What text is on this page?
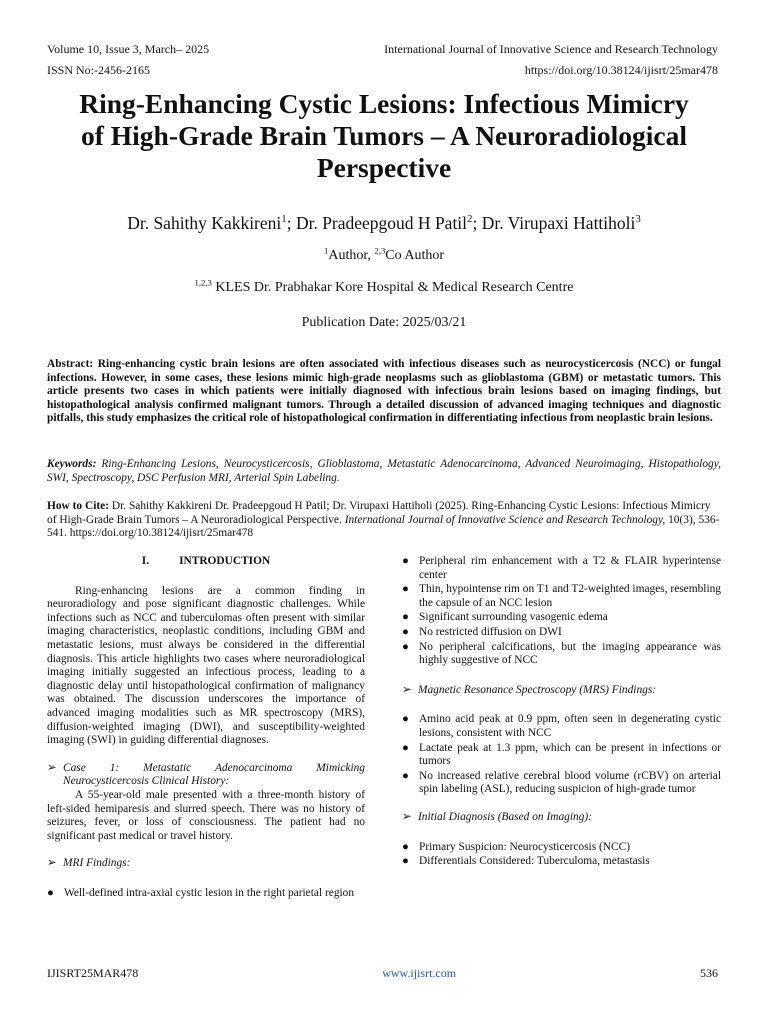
Volume 10, Issue 3, March– 2025	International Journal of Innovative Science and Research Technology
ISSN No:-2456-2165	https://doi.org/10.38124/ijisrt/25mar478
Ring-Enhancing Cystic Lesions: Infectious Mimicry of High-Grade Brain Tumors – A Neuroradiological Perspective
Dr. Sahithy Kakkireni$^1$; Dr. Pradeepgoud H Patil$^2$; Dr. Virupaxi Hattiholi$^3$
$^1$Author, $^{2,3}$Co Author
$^{1,2,3}$ KLES Dr. Prabhakar Kore Hospital & Medical Research Centre
Publication Date: 2025/03/21

Abstract: Ring-enhancing cystic brain lesions are often associated with infectious diseases such as neurocysticercosis (NCC) or fungal infections. However, in some cases, these lesions mimic high-grade neoplasms such as glioblastoma (GBM) or metastatic tumors. This article presents two cases in which patients were initially diagnosed with infectious brain lesions based on imaging findings, but histopathological analysis confirmed malignant tumors. Through a detailed discussion of advanced imaging techniques and diagnostic pitfalls, this study emphasizes the critical role of histopathological confirmation in differentiating infectious from neoplastic brain lesions.

Keywords: Ring-Enhancing Lesions, Neurocysticercosis, Glioblastoma, Metastatic Adenocarcinoma, Advanced Neuroimaging, Histopathology, SWI, Spectroscopy, DSC Perfusion MRI, Arterial Spin Labeling.

How to Cite: Dr. Sahithy Kakkireni Dr. Pradeepgoud H Patil; Dr. Virupaxi Hattiholi (2025). Ring-Enhancing Cystic Lesions: Infectious Mimicry of High-Grade Brain Tumors – A Neuroradiological Perspective. International Journal of Innovative Science and Research Technology, 10(3), 536-541. https://doi.org/10.38124/ijisrt/25mar478

I.	INTRODUCTION

Ring-enhancing lesions are a common finding in neuroradiology and pose significant diagnostic challenges. While infections such as NCC and tuberculomas often present with similar imaging characteristics, neoplastic conditions, including GBM and metastatic lesions, must always be considered in the differential diagnosis. This article highlights two cases where neuroradiological imaging initially suggested an infectious process, leading to a diagnostic delay until histopathological confirmation of malignancy was obtained. The discussion underscores the importance of advanced imaging modalities such as MR spectroscopy (MRS), diffusion-weighted imaging (DWI), and susceptibility-weighted imaging (SWI) in guiding differential diagnoses.

➢ Case 1: Metastatic Adenocarcinoma Mimicking Neurocysticercosis Clinical History:

A 55-year-old male presented with a three-month history of left-sided hemiparesis and slurred speech. There was no history of seizures, fever, or loss of consciousness. The patient had no significant past medical or travel history.

➢ MRI Findings:
● Well-defined intra-axial cystic lesion in the right parietal region
● Peripheral rim enhancement with a T2 & FLAIR hyperintense center
● Thin, hypointense rim on T1 and T2-weighted images, resembling the capsule of an NCC lesion
● Significant surrounding vasogenic edema
● No restricted diffusion on DWI
● No peripheral calcifications, but the imaging appearance was highly suggestive of NCC
➢ Magnetic Resonance Spectroscopy (MRS) Findings:
● Amino acid peak at 0.9 ppm, often seen in degenerating cystic lesions, consistent with NCC
● Lactate peak at 1.3 ppm, which can be present in infections or tumors
● No increased relative cerebral blood volume (rCBV) on arterial spin labeling (ASL), reducing suspicion of high-grade tumor
➢ Initial Diagnosis (Based on Imaging):
● Primary Suspicion: Neurocysticercosis (NCC)
● Differentials Considered: Tuberculoma, metastasis
IJISRT25MAR478	www.ijisrt.com	536
